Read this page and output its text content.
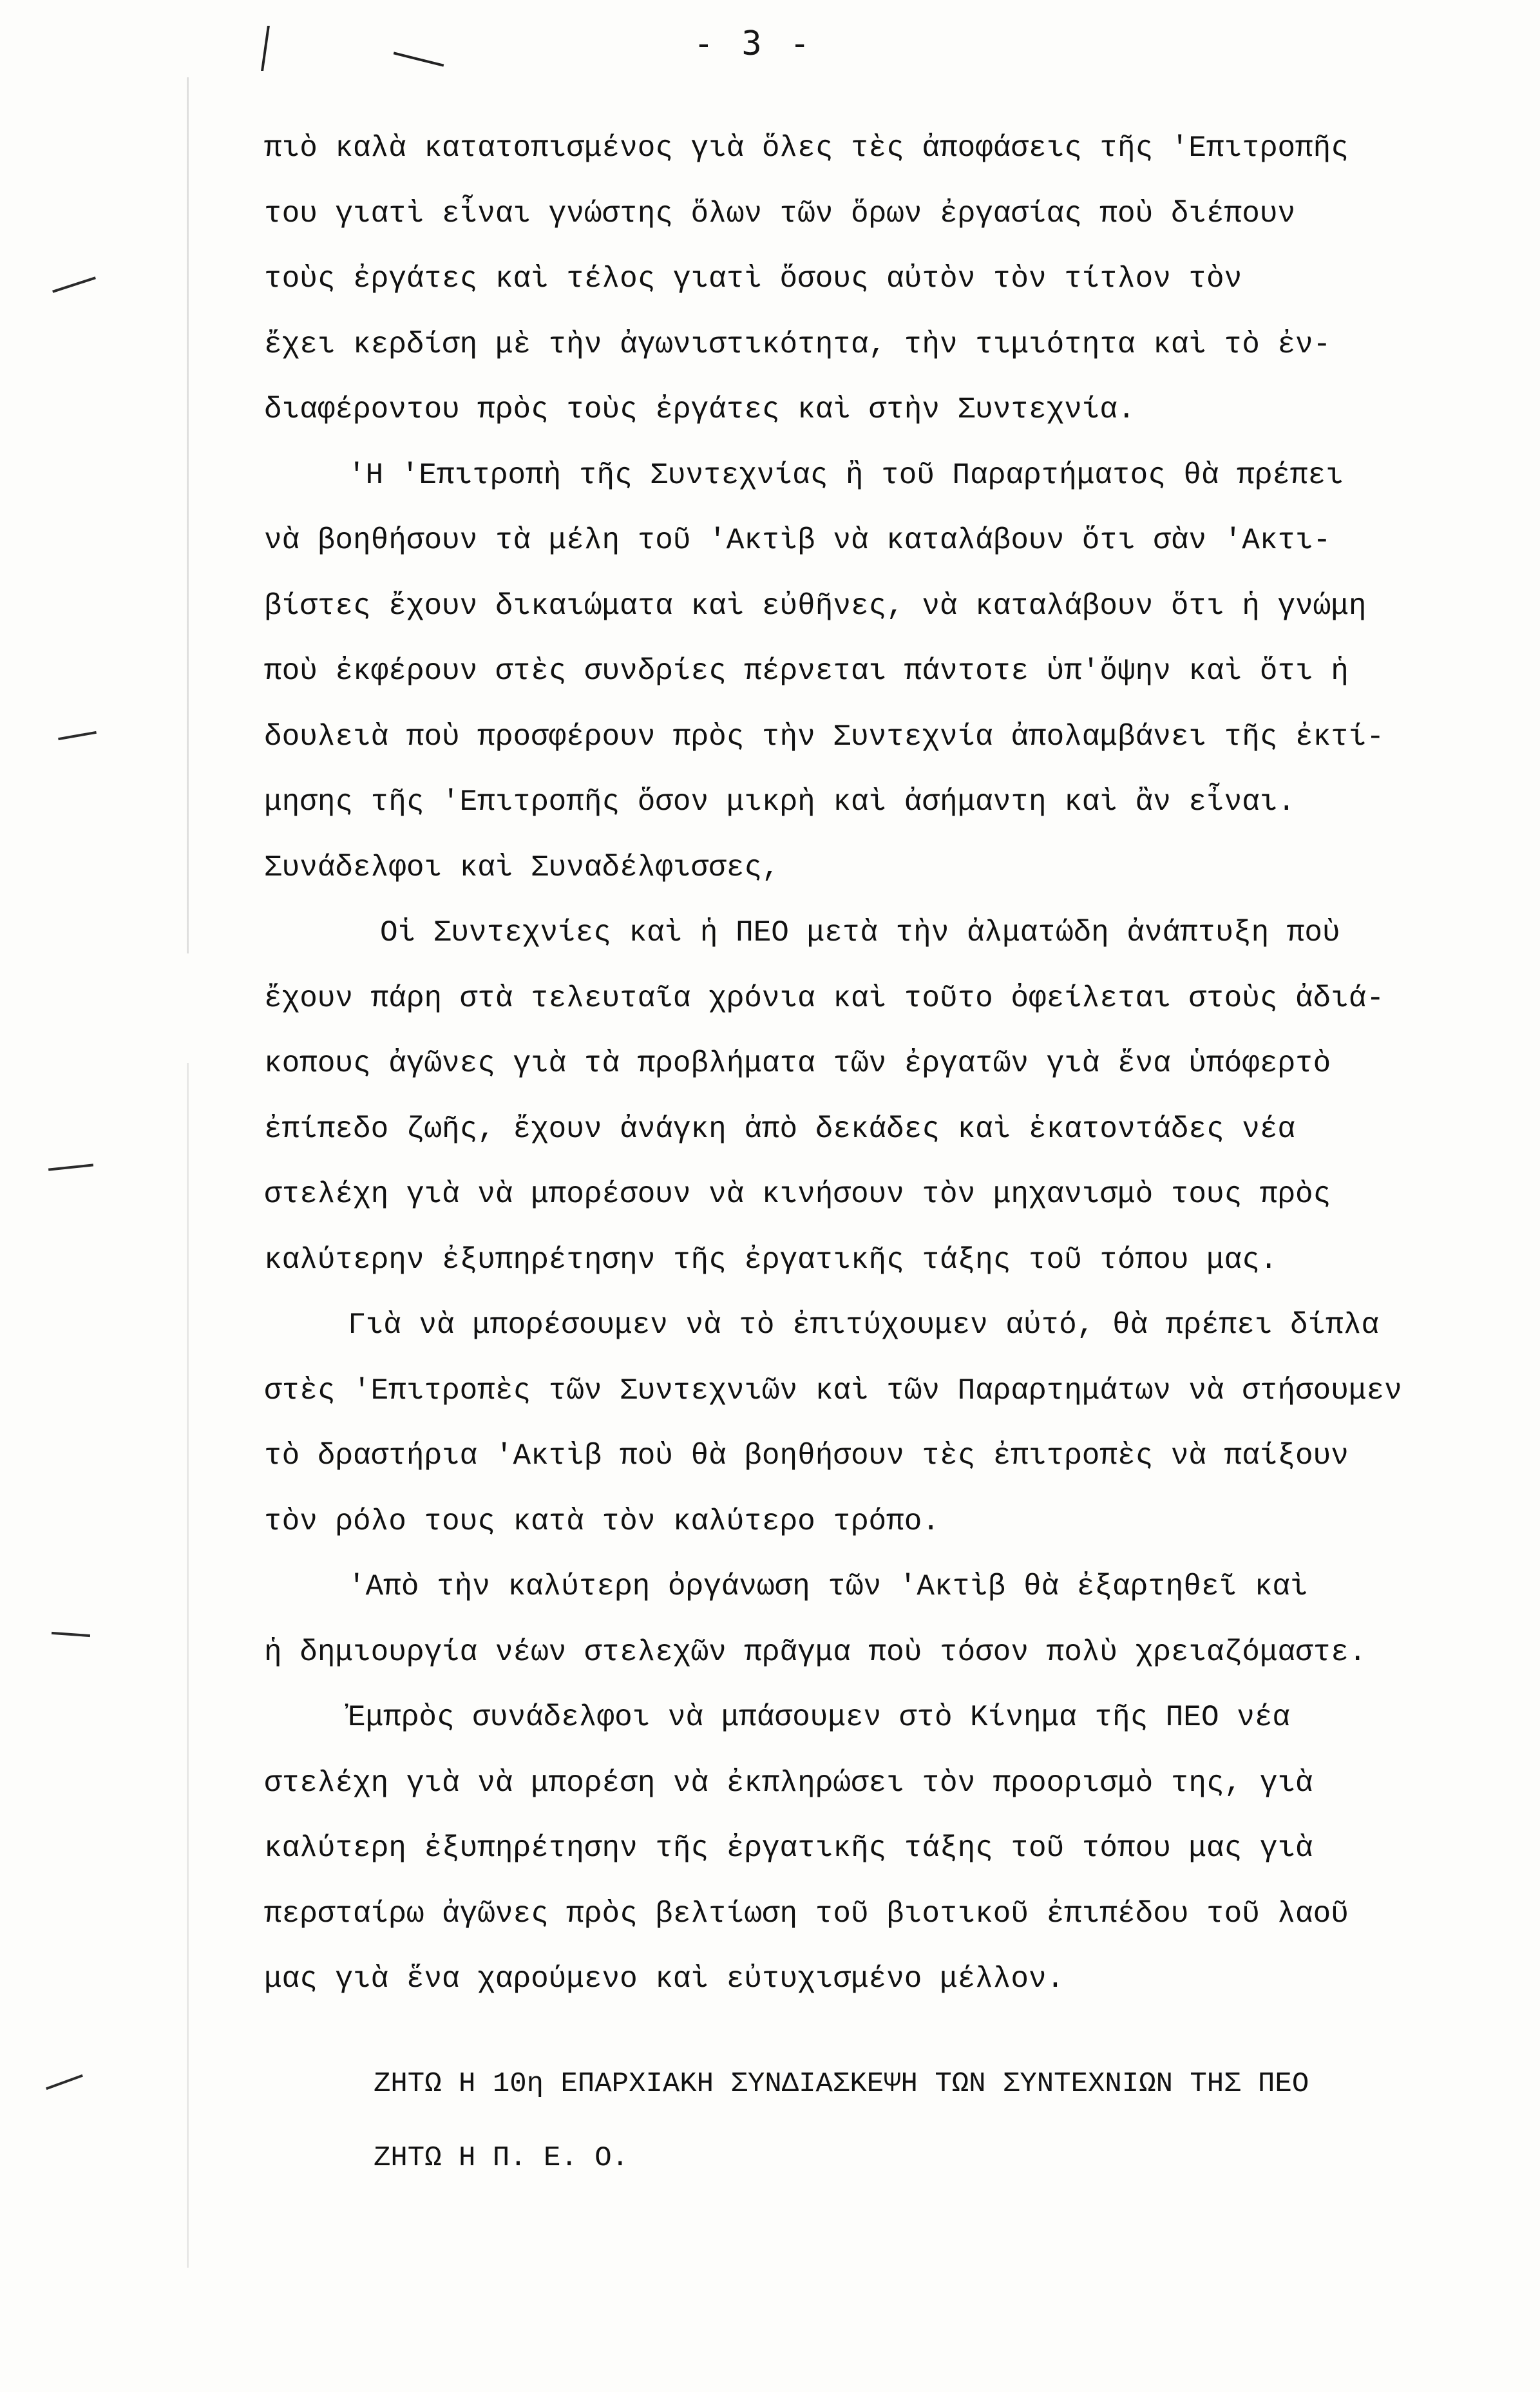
- 3 -
πιὸ καλὰ κατατοπισμένος γιὰ ὅλες τὲς ἀποφάσεις τῆς 'Επιτροπῆς
του γιατὶ εἶναι γνώστης ὅλων τῶν ὅρων ἐργασίας ποὺ διέπουν
τοὺς ἐργάτες καὶ τέλος γιατὶ ὅσους αὐτὸν τὸν τίτλον τὸν
ἔχει κερδίση μὲ τὴν ἀγωνιστικότητα, τὴν τιμιότητα καὶ τὸ ἐν-
διαφέροντου πρὸς τοὺς ἐργάτες καὶ στὴν Συντεχνία.
'Η 'Επιτροπὴ τῆς Συντεχνίας ἢ τοῦ Παραρτήματος θὰ πρέπει
νὰ βοηθήσουν τὰ μέλη τοῦ 'Ακτὶβ νὰ καταλάβουν ὅτι σὰν 'Ακτι-
βίστες ἔχουν δικαιώματα καὶ εὐθῆνες, νὰ καταλάβουν ὅτι ἡ γνώμη
ποὺ ἐκφέρουν στὲς συνδρίες πέρνεται πάντοτε ὑπ'ὄψην καὶ ὅτι ἡ
δουλειὰ ποὺ προσφέρουν πρὸς τὴν Συντεχνία ἀπολαμβάνει τῆς ἐκτί-
μησης τῆς 'Επιτροπῆς ὅσον μικρὴ καὶ ἀσήμαντη καὶ ἂν εἶναι.
Συνάδελφοι καὶ Συναδέλφισσες,
Οἱ Συντεχνίες καὶ ἡ ΠΕΟ μετὰ τὴν ἀλματώδη ἀνάπτυξη ποὺ
ἔχουν πάρη στὰ τελευταῖα χρόνια καὶ τοῦτο ὀφείλεται στοὺς ἀδιά-
κοπους ἀγῶνες γιὰ τὰ προβλήματα τῶν ἐργατῶν γιὰ ἕνα ὑπόφερτὸ
ἐπίπεδο ζωῆς, ἔχουν ἀνάγκη ἀπὸ δεκάδες καὶ ἑκατοντάδες νέα
στελέχη γιὰ νὰ μπορέσουν νὰ κινήσουν τὸν μηχανισμὸ τους πρὸς
καλύτερην ἐξυπηρέτησην τῆς ἐργατικῆς τάξης τοῦ τόπου μας.
Γιὰ νὰ μπορέσουμεν νὰ τὸ ἐπιτύχουμεν αὐτό, θὰ πρέπει δίπλα
στὲς 'Επιτροπὲς τῶν Συντεχνιῶν καὶ τῶν Παραρτημάτων νὰ στήσουμεν
τὸ δραστήρια 'Ακτὶβ ποὺ θὰ βοηθήσουν τὲς ἐπιτροπὲς νὰ παίξουν
τὸν ρόλο τους κατὰ τὸν καλύτερο τρόπο.
'Απὸ τὴν καλύτερη ὀργάνωση τῶν 'Ακτὶβ θὰ ἐξαρτηθεῖ καὶ
ἡ δημιουργία νέων στελεχῶν πρᾶγμα ποὺ τόσον πολὺ χρειαζόμαστε.
Ἐμπρὸς συνάδελφοι νὰ μπάσουμεν στὸ Κίνημα τῆς ΠΕΟ νέα
στελέχη γιὰ νὰ μπορέση νὰ ἐκπληρώσει τὸν προορισμὸ της, γιὰ
καλύτερη ἐξυπηρέτησην τῆς ἐργατικῆς τάξης τοῦ τόπου μας γιὰ
περσταίρω ἀγῶνες πρὸς βελτίωση τοῦ βιοτικοῦ ἐπιπέδου τοῦ λαοῦ
μας γιὰ ἕνα χαρούμενο καὶ εὐτυχισμένο μέλλον.
ΖΗΤΩ Η 10η ΕΠΑΡΧΙΑΚΗ ΣΥΝΔΙΑΣΚΕΨΗ ΤΩΝ ΣΥΝΤΕΧΝΙΩΝ ΤΗΣ ΠΕΟ
ΖΗΤΩ Η Π. Ε. Ο.
